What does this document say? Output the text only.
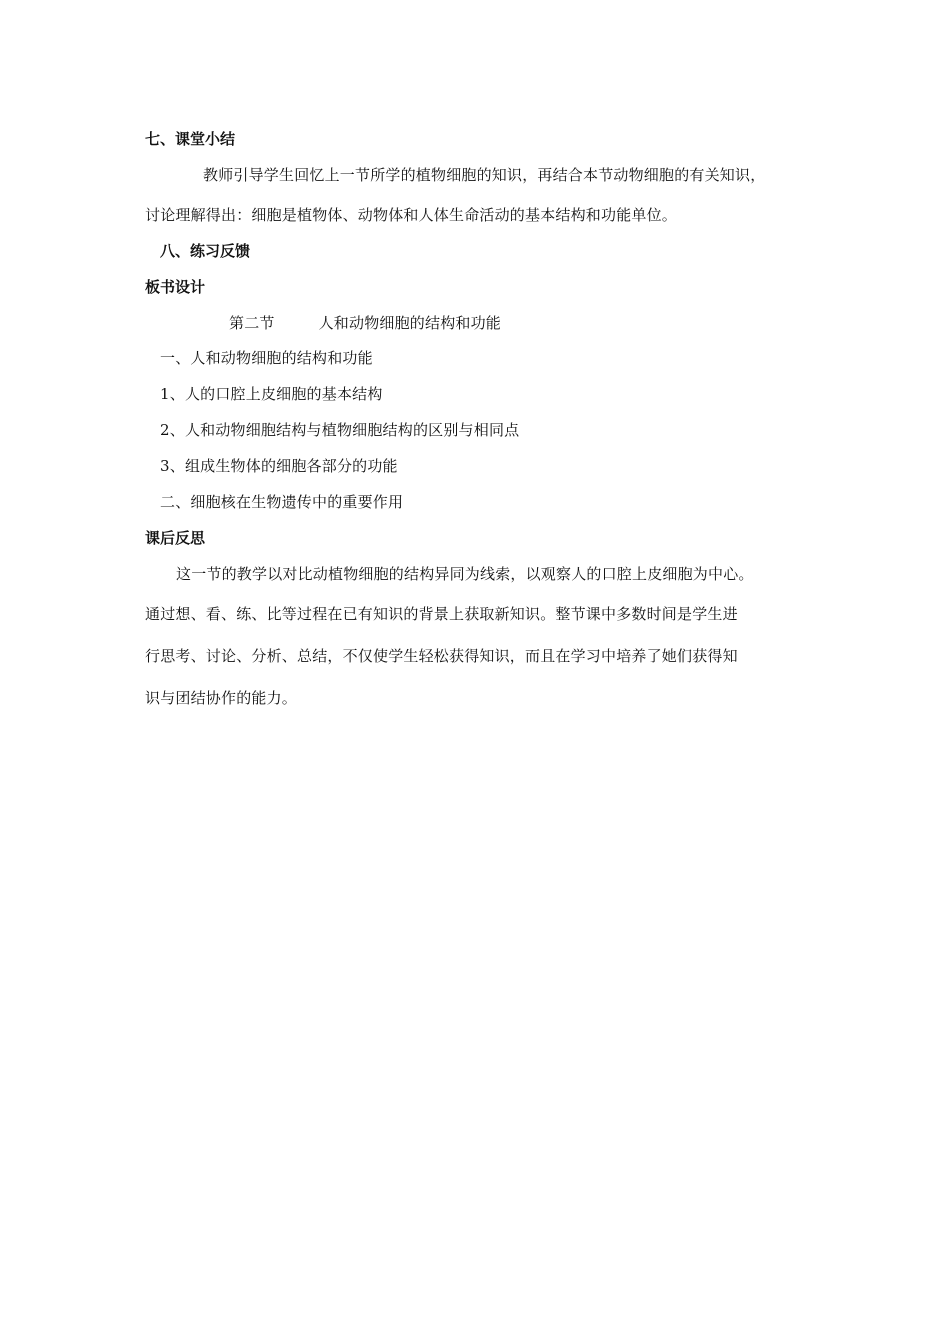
七、课堂小结
教师引导学生回忆上一节所学的植物细胞的知识，再结合本节动物细胞的有关知识，
讨论理解得出：细胞是植物体、动物体和人体生命活动的基本结构和功能单位。
八、练习反馈
板书设计
第二节	人和动物细胞的结构和功能
一、人和动物细胞的结构和功能
1、人的口腔上皮细胞的基本结构
2、人和动物细胞结构与植物细胞结构的区别与相同点
3、组成生物体的细胞各部分的功能
二、细胞核在生物遗传中的重要作用
课后反思
这一节的教学以对比动植物细胞的结构异同为线索，以观察人的口腔上皮细胞为中心。
通过想、看、练、比等过程在已有知识的背景上获取新知识。整节课中多数时间是学生进
行思考、讨论、分析、总结，不仅使学生轻松获得知识，而且在学习中培养了她们获得知
识与团结协作的能力。
